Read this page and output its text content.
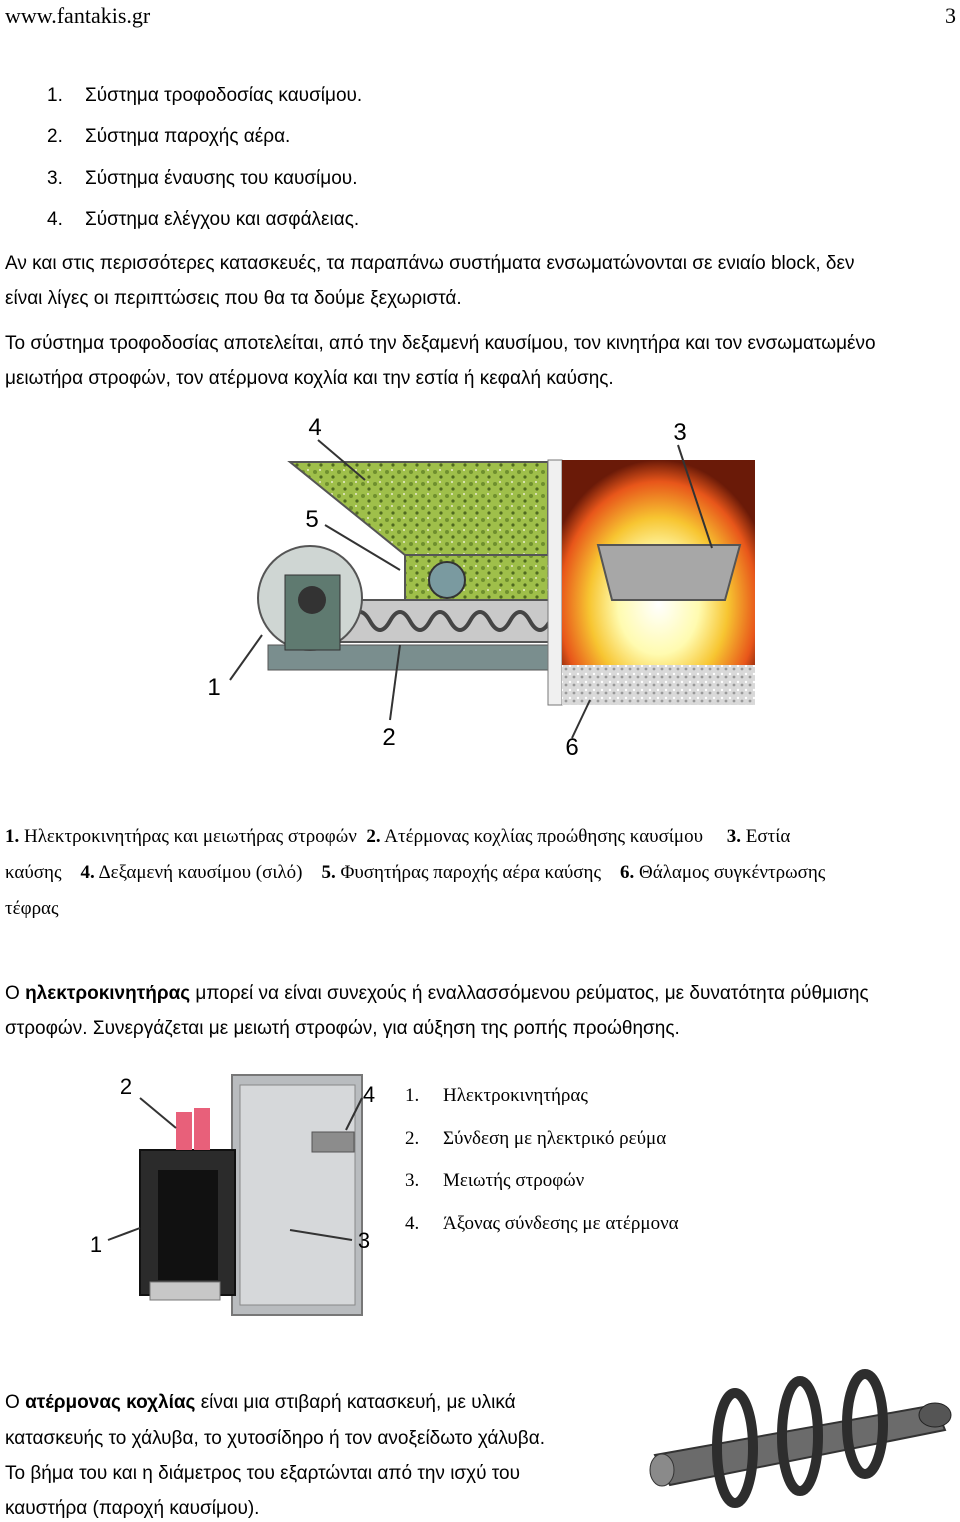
www.fantakis.gr	3
1. Σύστημα τροφοδοσίας καυσίμου.
2. Σύστημα παροχής αέρα.
3. Σύστημα έναυσης του καυσίμου.
4. Σύστημα ελέγχου και ασφάλειας.
Αν και στις περισσότερες κατασκευές, τα παραπάνω συστήματα ενσωματώνονται σε ενιαίο block, δεν
είναι λίγες οι περιπτώσεις που θα τα δούμε ξεχωριστά.
Το σύστημα τροφοδοσίας αποτελείται, από την δεξαμενή καυσίμου, τον κινητήρα και τον ενσωματωμένο
μειωτήρα στροφών, τον ατέρμονα κοχλία και την εστία ή κεφαλή καύσης.
4	3
5
1
2	6
1. Ηλεκτροκινητήρας και μειωτήρας στροφών 2. Ατέρμονας κοχλίας προώθησης καυσίμου 3. Εστία
καύσης 4. Δεξαμενή καυσίμου (σιλό) 5. Φυσητήρας παροχής αέρα καύσης 6. Θάλαμος συγκέντρωσης
τέφρας
Ο ηλεκτροκινητήρας μπορεί να είναι συνεχούς ή εναλλασσόμενου ρεύματος, με δυνατότητα ρύθμισης
στροφών. Συνεργάζεται με μειωτή στροφών, για αύξηση της ροπής προώθησης.
2	4
1	3
1. Ηλεκτροκινητήρας
2. Σύνδεση με ηλεκτρικό ρεύμα
3. Μειωτής στροφών
4. Άξονας σύνδεσης με ατέρμονα
Ο ατέρμονας κοχλίας είναι μια στιβαρή κατασκευή, με υλικά
κατασκευής το χάλυβα, το χυτοσίδηρο ή τον ανοξείδωτο χάλυβα.
Το βήμα του και η διάμετρος του εξαρτώνται από την ισχύ του
καυστήρα (παροχή καυσίμου).
